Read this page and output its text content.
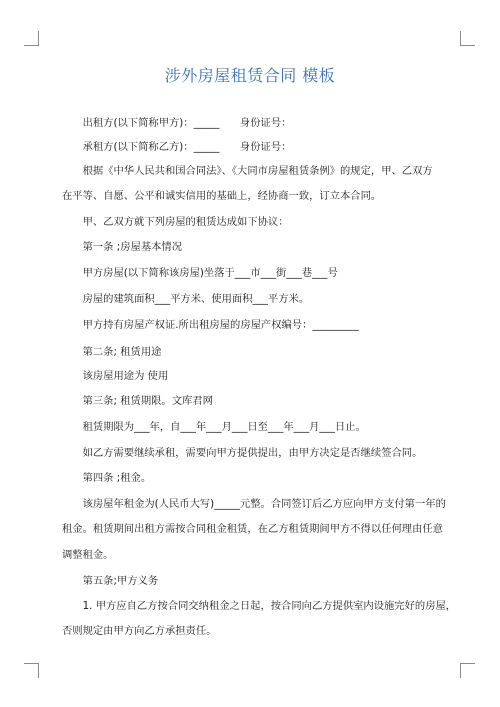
涉外房屋租赁合同 模板
　　出租方(以下简称甲方)：_____　　身份证号：
　　承租方(以下简称乙方)：_____　　身份证号：
　　根据《中华人民共和国合同法》、《大同市房屋租赁条例》的规定，甲、乙双方
在平等、自愿、公平和诚实信用的基础上，经协商一致，订立本合同。
　　甲、乙双方就下列房屋的租赁达成如下协议：
　　第一条 ;房屋基本情况
　　甲方房屋(以下简称该房屋)坐落于___市___街___巷___号
　　房屋的建筑面积___平方米、使用面积___平方米。
　　甲方持有房屋产权证.所出租房屋的房屋产权编号：_________
　　第二条; 租赁用途
　　该房屋用途为 使用
　　第三条; 租赁期限。文库君网
　　租赁期限为___年，自___年___月___日至___年___月___日止。
　　如乙方需要继续承租，需要向甲方提供提出，由甲方决定是否继续签合同。
　　第四条 ;租金。
　　该房屋年租金为(人民币大写)_____元整。合同签订后乙方应向甲方支付第一年的
租金。租赁期间出租方需按合同租金租赁，在乙方租赁期间甲方不得以任何理由任意
调整租金。
　　第五条;甲方义务
　　1. 甲方应自乙方按合同交纳租金之日起，按合同向乙方提供室内设施完好的房屋，
否则规定由甲方向乙方承担责任。
